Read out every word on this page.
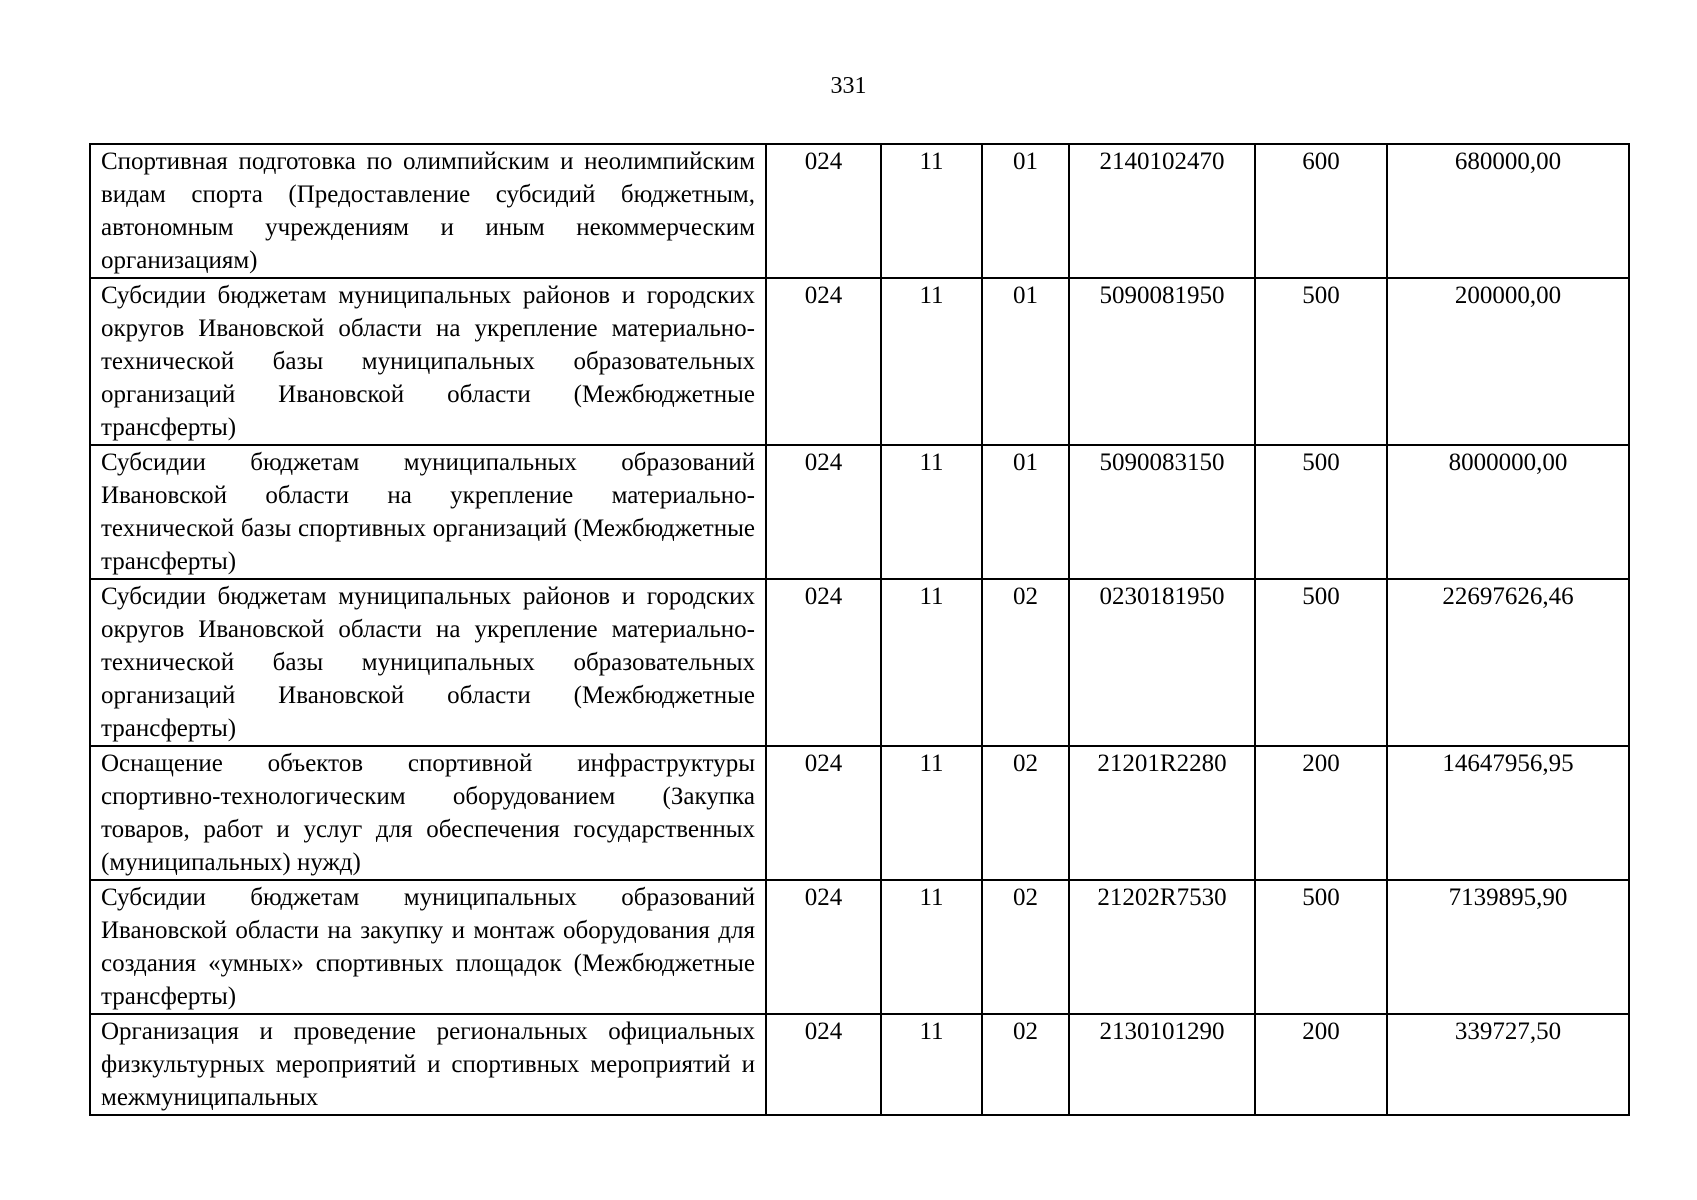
331
Спортивная подготовка по олимпийским и неолимпийским видам спорта (Предоставление субсидий бюджетным, автономным учреждениям и иным некоммерческим организациям)	024	11	01	2140102470	600	680000,00
Субсидии бюджетам муниципальных районов и городских округов Ивановской области на укрепление материально-технической базы муниципальных образовательных организаций Ивановской области (Межбюджетные трансферты)	024	11	01	5090081950	500	200000,00
Субсидии бюджетам муниципальных образований Ивановской области на укрепление материально-технической базы спортивных организаций (Межбюджетные трансферты)	024	11	01	5090083150	500	8000000,00
Субсидии бюджетам муниципальных районов и городских округов Ивановской области на укрепление материально-технической базы муниципальных образовательных организаций Ивановской области (Межбюджетные трансферты)	024	11	02	0230181950	500	22697626,46
Оснащение объектов спортивной инфраструктуры спортивно-технологическим оборудованием (Закупка товаров, работ и услуг для обеспечения государственных (муниципальных) нужд)	024	11	02	21201R2280	200	14647956,95
Субсидии бюджетам муниципальных образований Ивановской области на закупку и монтаж оборудования для создания «умных» спортивных площадок (Межбюджетные трансферты)	024	11	02	21202R7530	500	7139895,90
Организация и проведение региональных официальных физкультурных мероприятий и спортивных мероприятий и межмуниципальных	024	11	02	2130101290	200	339727,50
